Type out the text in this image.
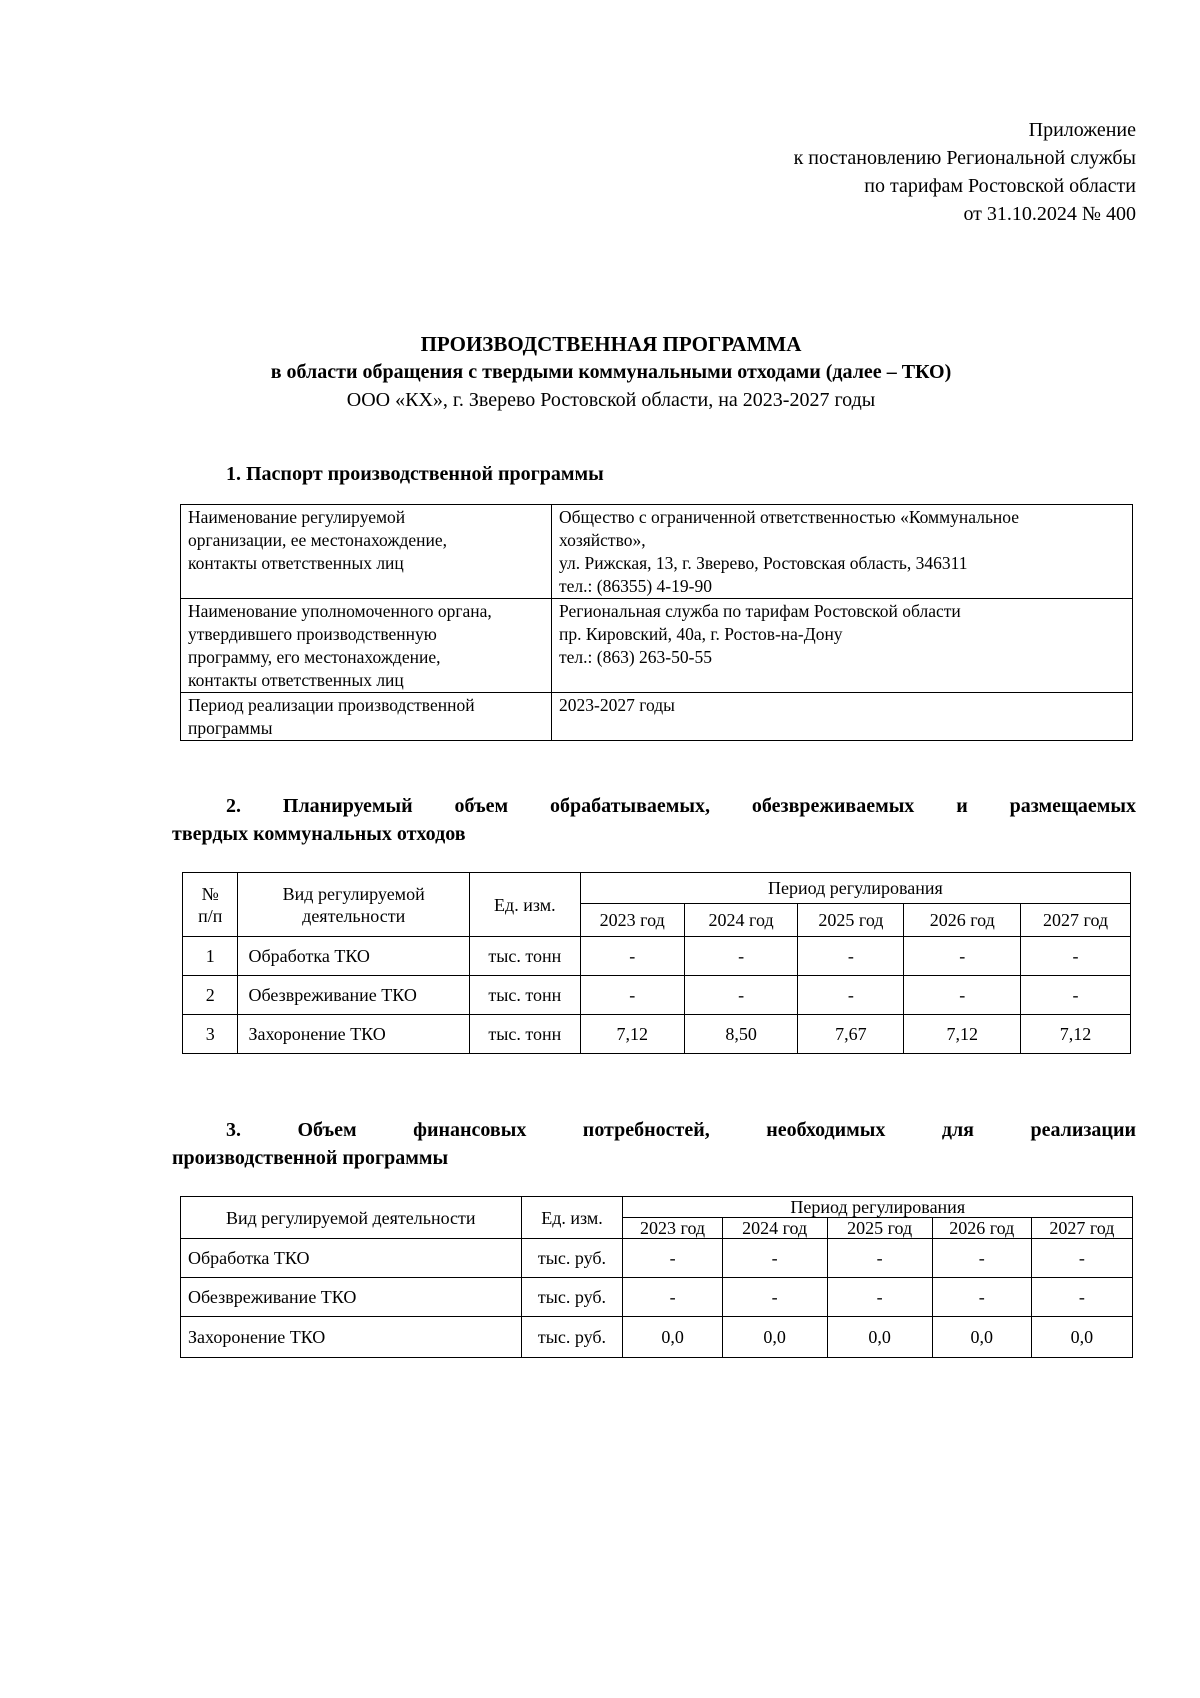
Приложение
к постановлению Региональной службы
по тарифам Ростовской области
от 31.10.2024 № 400
ПРОИЗВОДСТВЕННАЯ ПРОГРАММА
в области обращения с твердыми коммунальными отходами (далее – ТКО)
ООО «КХ», г. Зверево Ростовской области, на 2023-2027 годы
1. Паспорт производственной программы
Наименование регулируемой
организации, ее местонахождение,
контакты ответственных лиц	Общество с ограниченной ответственностью «Коммунальное
хозяйство»,
ул. Рижская, 13, г. Зверево, Ростовская область, 346311
тел.: (86355) 4-19-90

Наименование уполномоченного органа,
утвердившего производственную
программу, его местонахождение,
контакты ответственных лиц	Региональная служба по тарифам Ростовской области
пр. Кировский, 40а, г. Ростов-на-Дону
тел.: (863) 263-50-55

Период реализации производственной
программы	2023-2027 годы
2. Планируемый объем обрабатываемых, обезвреживаемых и размещаемых
твердых коммунальных отходов
№
п/п	Вид регулируемой деятельности	Ед. изм.	Период регулирования				
			2023 год	2024 год	2025 год	2026 год	2027 год
1	Обработка ТКО	тыс. тонн	-	-	-	-	-
2	Обезвреживание ТКО	тыс. тонн	-	-	-	-	-
3	Захоронение ТКО	тыс. тонн	7,12	8,50	7,67	7,12	7,12
3. Объем финансовых потребностей, необходимых для реализации
производственной программы
Вид регулируемой деятельности	Ед. изм.	Период регулирования				
		2023 год	2024 год	2025 год	2026 год	2027 год
Обработка ТКО	тыс. руб.	-	-	-	-	-
Обезвреживание ТКО	тыс. руб.	-	-	-	-	-
Захоронение ТКО	тыс. руб.	0,0	0,0	0,0	0,0	0,0
